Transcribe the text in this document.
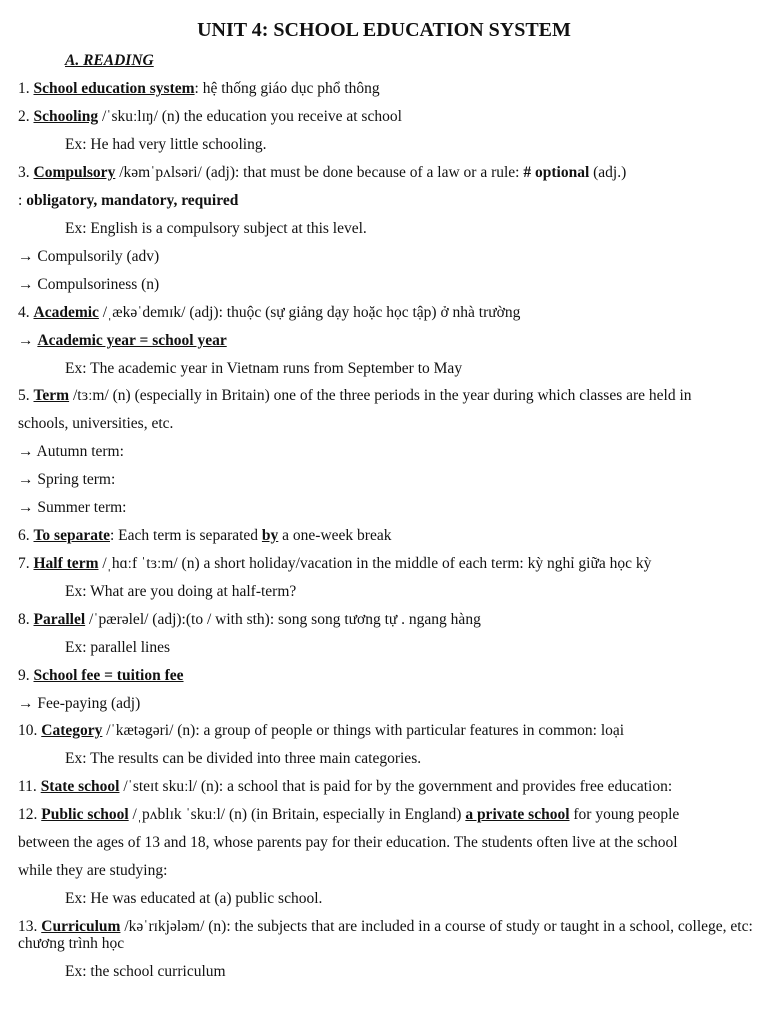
UNIT 4: SCHOOL EDUCATION SYSTEM
A. READING
1. School education system: hệ thống giáo dục phổ thông
2. Schooling /ˈskuːlɪŋ/ (n) the education you receive at school
Ex: He had very little schooling.
3. Compulsory /kəmˈpʌlsəri/ (adj): that must be done because of a law or a rule: # optional (adj.)
: obligatory, mandatory, required
Ex: English is a compulsory subject at this level.
→ Compulsorily (adv)
→ Compulsoriness (n)
4. Academic /ˌækəˈdemɪk/ (adj): thuộc (sự giảng dạy hoặc học tập) ở nhà trường
→ Academic year = school year
Ex: The academic year in Vietnam runs from September to May
5. Term /tɜːm/ (n) (especially in Britain) one of the three periods in the year during which classes are held in
schools, universities, etc.
→ Autumn term:
→ Spring term:
→ Summer term:
6. To separate: Each term is separated by a one-week break
7. Half term /ˌhɑːf ˈtɜːm/ (n) a short holiday/vacation in the middle of each term: kỳ nghỉ giữa học kỳ
Ex: What are you doing at half-term?
8. Parallel /ˈpærəlel/ (adj):(to / with sth): song song tương tự . ngang hàng
Ex: parallel lines
9. School fee = tuition fee
→ Fee-paying (adj)
10. Category /ˈkætəgəri/ (n): a group of people or things with particular features in common: loại
Ex: The results can be divided into three main categories.
11. State school /ˈsteɪt skuːl/ (n): a school that is paid for by the government and provides free education:
12. Public school /ˌpʌblɪk ˈskuːl/ (n) (in Britain, especially in England) a private school for young people
between the ages of 13 and 18, whose parents pay for their education. The students often live at the school
while they are studying:
Ex: He was educated at (a) public school.
13. Curriculum /kəˈrɪkjələm/ (n): the subjects that are included in a course of study or taught in a school, college, etc: chương trình học
Ex: the school curriculum
